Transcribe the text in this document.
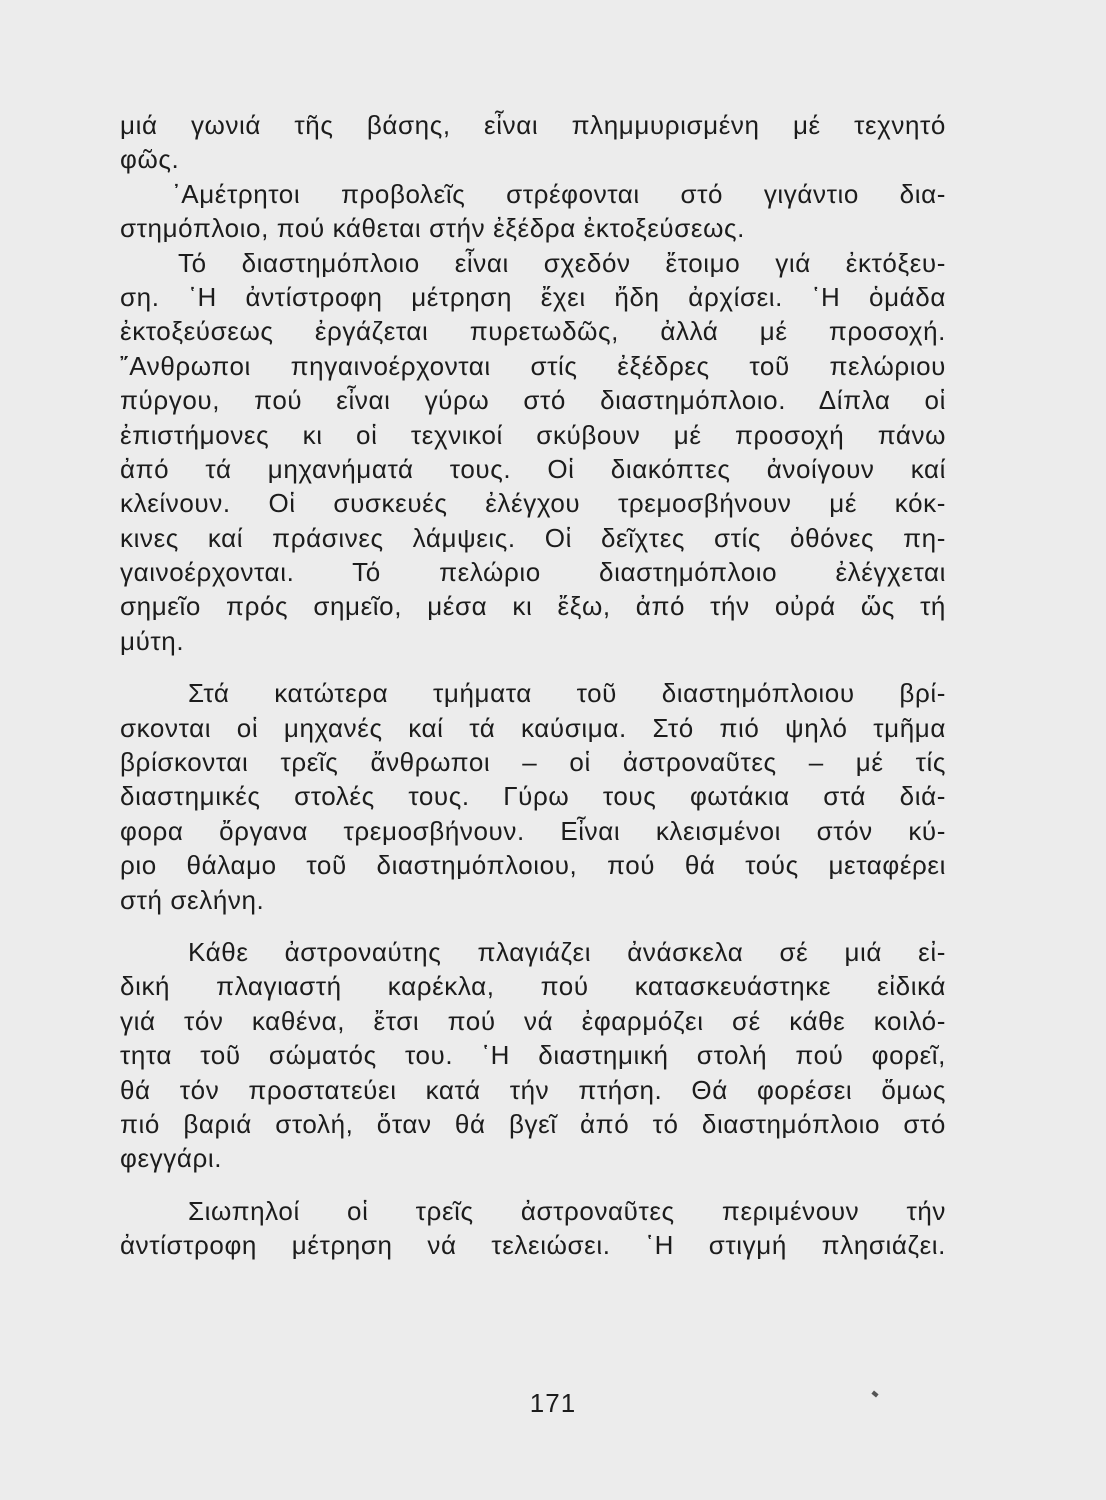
μιά γωνιά τῆς βάσης, εἶναι πλημμυρισμένη μέ τεχνητό
φῶς.
᾿Αμέτρητοι προβολεῖς στρέφονται στό γιγάντιο δια-
στημόπλοιο, πού κάθεται στήν ἐξέδρα ἐκτοξεύσεως.
Τό διαστημόπλοιο εἶναι σχεδόν ἔτοιμο γιά ἐκτόξευ-
ση. ῾Η ἀντίστροφη μέτρηση ἔχει ἤδη ἀρχίσει. ῾Η ὁμάδα
ἐκτοξεύσεως ἐργάζεται πυρετωδῶς, ἀλλά μέ προσοχή.
῎Ανθρωποι πηγαινοέρχονται στίς ἐξέδρες τοῦ πελώριου
πύργου, πού εἶναι γύρω στό διαστημόπλοιο. Δίπλα οἱ
ἐπιστήμονες κι οἱ τεχνικοί σκύβουν μέ προσοχή πάνω
ἀπό τά μηχανήματά τους. Οἱ διακόπτες ἀνοίγουν καί
κλείνουν. Οἱ συσκευές ἐλέγχου τρεμοσβήνουν μέ κόκ-
κινες καί πράσινες λάμψεις. Οἱ δεῖχτες στίς ὀθόνες πη-
γαινοέρχονται. Τό πελώριο διαστημόπλοιο ἐλέγχεται
σημεῖο πρός σημεῖο, μέσα κι ἔξω, ἀπό τήν οὐρά ὥς τή
μύτη.
Στά κατώτερα τμήματα τοῦ διαστημόπλοιου βρί-
σκονται οἱ μηχανές καί τά καύσιμα. Στό πιό ψηλό τμῆμα
βρίσκονται τρεῖς ἄνθρωποι – οἱ ἀστροναῦτες – μέ τίς
διαστημικές στολές τους. Γύρω τους φωτάκια στά διά-
φορα ὄργανα τρεμοσβήνουν. Εἶναι κλεισμένοι στόν κύ-
ριο θάλαμο τοῦ διαστημόπλοιου, πού θά τούς μεταφέρει
στή σελήνη.
Κάθε ἀστροναύτης πλαγιάζει ἀνάσκελα σέ μιά εἰ-
δική πλαγιαστή καρέκλα, πού κατασκευάστηκε εἰδικά
γιά τόν καθένα, ἔτσι πού νά ἐφαρμόζει σέ κάθε κοιλό-
τητα τοῦ σώματός του. ῾Η διαστημική στολή πού φορεῖ,
θά τόν προστατεύει κατά τήν πτήση. Θά φορέσει ὅμως
πιό βαριά στολή, ὅταν θά βγεῖ ἀπό τό διαστημόπλοιο στό
φεγγάρι.
Σιωπηλοί οἱ τρεῖς ἀστροναῦτες περιμένουν τήν
ἀντίστροφη μέτρηση νά τελειώσει. ῾Η στιγμή πλησιάζει.
171
